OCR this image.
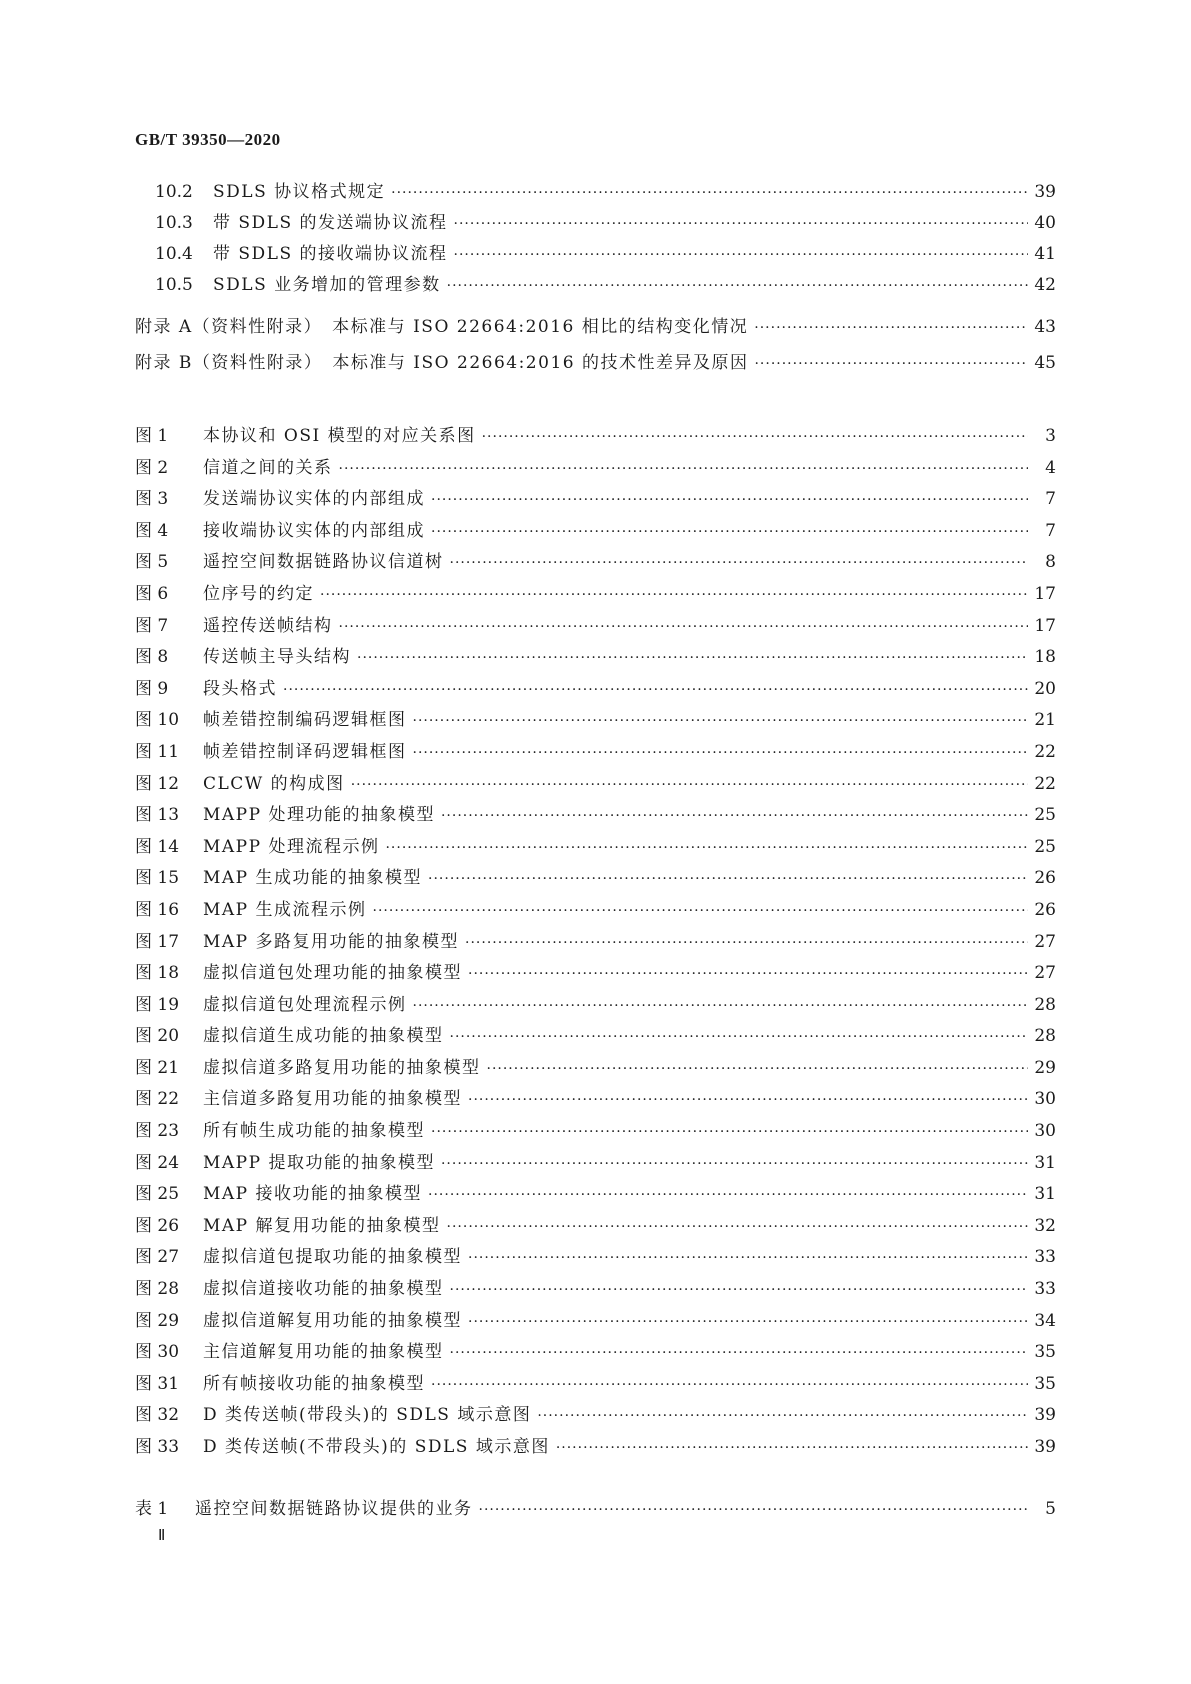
GB/T 39350—2020
10.2	SDLS 协议格式规定 ·····	39
10.3	带 SDLS 的发送端协议流程 ·····	40
10.4	带 SDLS 的接收端协议流程 ·····	41
10.5	SDLS 业务增加的管理参数 ·····	42
附录 A（资料性附录）　本标准与 ISO 22664:2016 相比的结构变化情况 ·····	43
附录 B（资料性附录）　本标准与 ISO 22664:2016 的技术性差异及原因 ·····	45
图 1	本协议和 OSI 模型的对应关系图 ·····	3
图 2	信道之间的关系 ·····	4
图 3	发送端协议实体的内部组成 ·····	7
图 4	接收端协议实体的内部组成 ·····	7
图 5	遥控空间数据链路协议信道树 ·····	8
图 6	位序号的约定 ·····	17
图 7	遥控传送帧结构 ·····	17
图 8	传送帧主导头结构 ·····	18
图 9	段头格式 ·····	20
图 10	帧差错控制编码逻辑框图 ·····	21
图 11	帧差错控制译码逻辑框图 ·····	22
图 12	CLCW 的构成图 ·····	22
图 13	MAPP 处理功能的抽象模型 ·····	25
图 14	MAPP 处理流程示例 ·····	25
图 15	MAP 生成功能的抽象模型 ·····	26
图 16	MAP 生成流程示例 ·····	26
图 17	MAP 多路复用功能的抽象模型 ·····	27
图 18	虚拟信道包处理功能的抽象模型 ·····	27
图 19	虚拟信道包处理流程示例 ·····	28
图 20	虚拟信道生成功能的抽象模型 ·····	28
图 21	虚拟信道多路复用功能的抽象模型 ·····	29
图 22	主信道多路复用功能的抽象模型 ·····	30
图 23	所有帧生成功能的抽象模型 ·····	30
图 24	MAPP 提取功能的抽象模型 ·····	31
图 25	MAP 接收功能的抽象模型 ·····	31
图 26	MAP 解复用功能的抽象模型 ·····	32
图 27	虚拟信道包提取功能的抽象模型 ·····	33
图 28	虚拟信道接收功能的抽象模型 ·····	33
图 29	虚拟信道解复用功能的抽象模型 ·····	34
图 30	主信道解复用功能的抽象模型 ·····	35
图 31	所有帧接收功能的抽象模型 ·····	35
图 32	D 类传送帧(带段头)的 SDLS 域示意图 ·····	39
图 33	D 类传送帧(不带段头)的 SDLS 域示意图 ·····	39
表 1	遥控空间数据链路协议提供的业务 ·····	5
Ⅱ
